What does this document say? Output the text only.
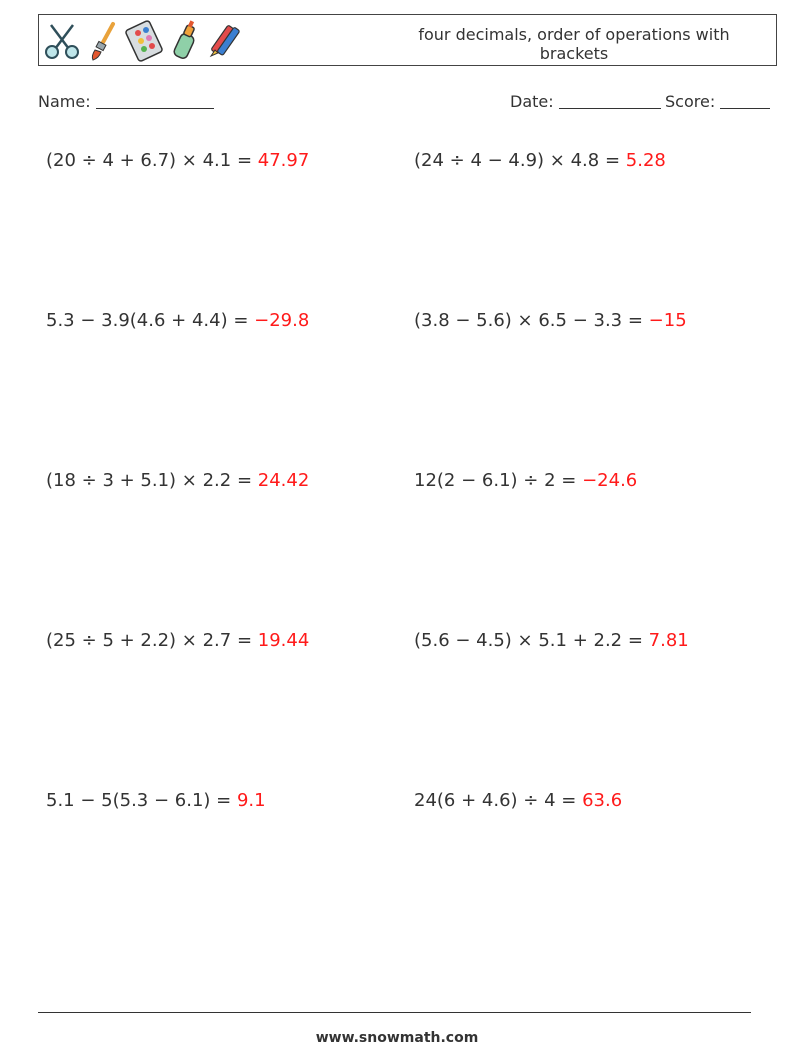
four decimals, order of operations with brackets
Name:	Date:	Score:
(20 ÷ 4 + 6.7) × 4.1 = 47.97	(24 ÷ 4 − 4.9) × 4.8 = 5.28
5.3 − 3.9(4.6 + 4.4) = −29.8	(3.8 − 5.6) × 6.5 − 3.3 = −15
(18 ÷ 3 + 5.1) × 2.2 = 24.42	12(2 − 6.1) ÷ 2 = −24.6
(25 ÷ 5 + 2.2) × 2.7 = 19.44	(5.6 − 4.5) × 5.1 + 2.2 = 7.81
5.1 − 5(5.3 − 6.1) = 9.1	24(6 + 4.6) ÷ 4 = 63.6
www.snowmath.com
